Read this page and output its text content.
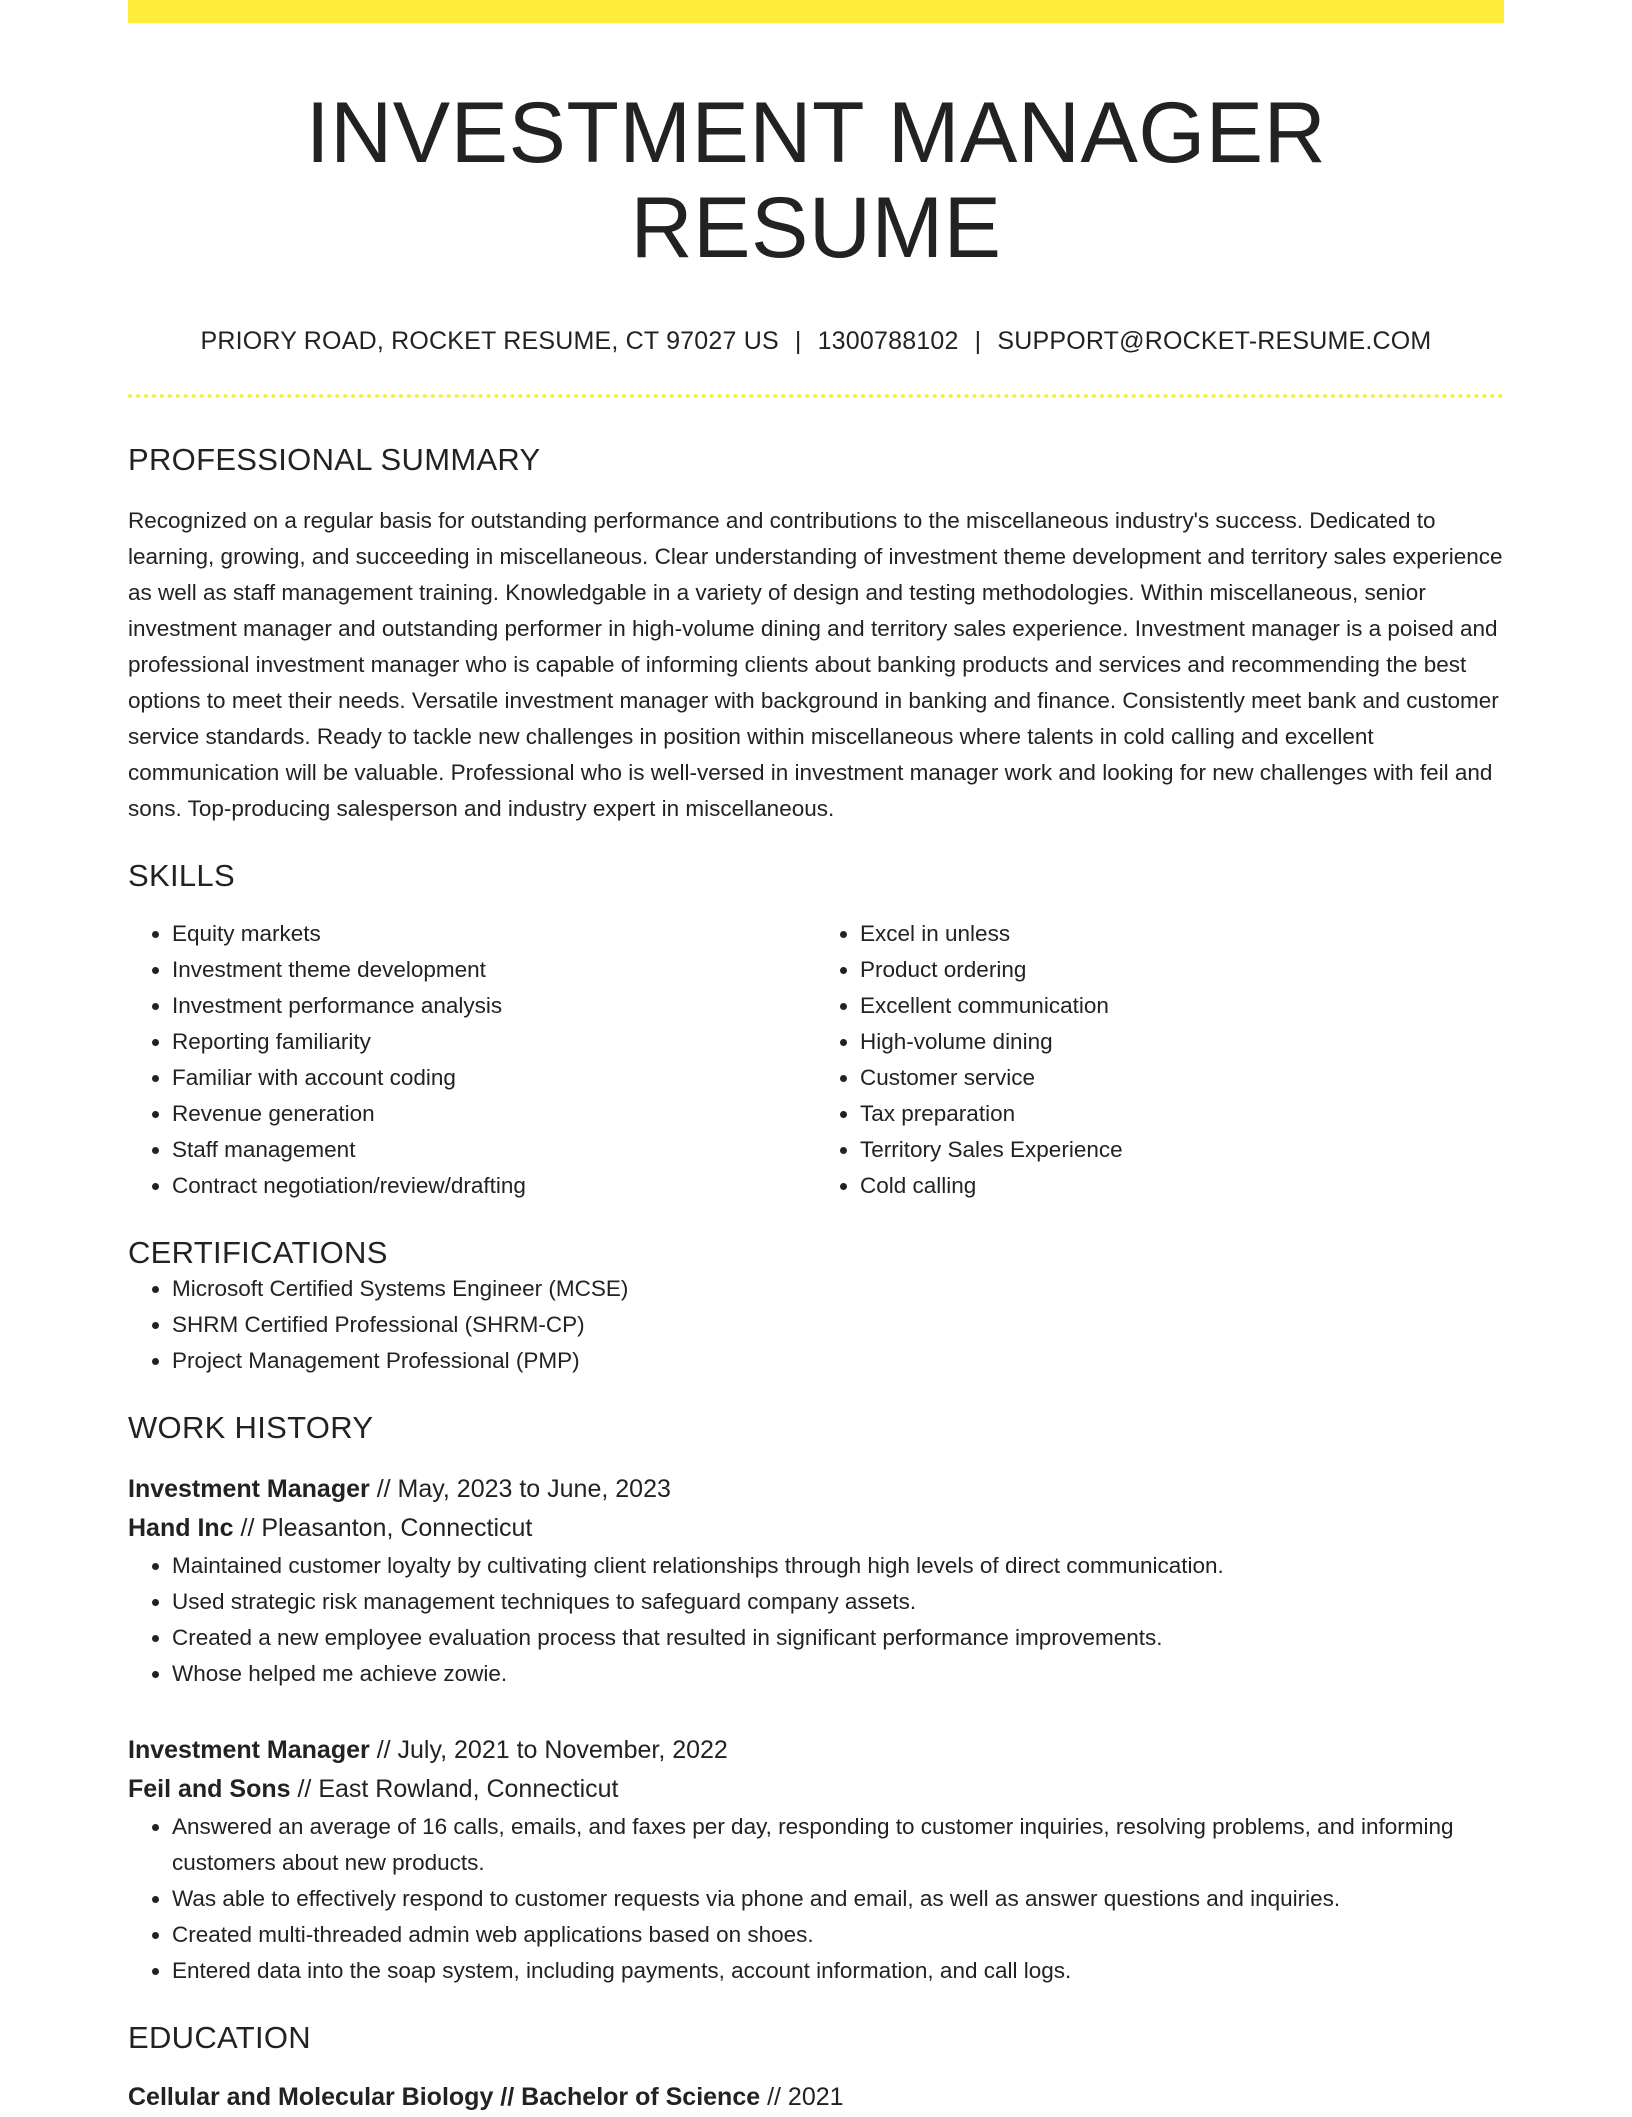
INVESTMENT MANAGER RESUME
PRIORY ROAD, ROCKET RESUME, CT 97027 US | 1300788102 | SUPPORT@ROCKET-RESUME.COM
PROFESSIONAL SUMMARY

Recognized on a regular basis for outstanding performance and contributions to the miscellaneous industry's success. Dedicated to learning, growing, and succeeding in miscellaneous. Clear understanding of investment theme development and territory sales experience as well as staff management training. Knowledgable in a variety of design and testing methodologies. Within miscellaneous, senior investment manager and outstanding performer in high-volume dining and territory sales experience. Investment manager is a poised and professional investment manager who is capable of informing clients about banking products and services and recommending the best options to meet their needs. Versatile investment manager with background in banking and finance. Consistently meet bank and customer service standards. Ready to tackle new challenges in position within miscellaneous where talents in cold calling and excellent communication will be valuable. Professional who is well-versed in investment manager work and looking for new challenges with feil and sons. Top-producing salesperson and industry expert in miscellaneous.

SKILLS
• Equity markets
• Investment theme development
• Investment performance analysis
• Reporting familiarity
• Familiar with account coding
• Revenue generation
• Staff management
• Contract negotiation/review/drafting
• Excel in unless
• Product ordering
• Excellent communication
• High-volume dining
• Customer service
• Tax preparation
• Territory Sales Experience
• Cold calling
CERTIFICATIONS
• Microsoft Certified Systems Engineer (MCSE)
• SHRM Certified Professional (SHRM-CP)
• Project Management Professional (PMP)
WORK HISTORY
Investment Manager // May, 2023 to June, 2023
Hand Inc // Pleasanton, Connecticut
• Maintained customer loyalty by cultivating client relationships through high levels of direct communication.
• Used strategic risk management techniques to safeguard company assets.
• Created a new employee evaluation process that resulted in significant performance improvements.
• Whose helped me achieve zowie.
Investment Manager // July, 2021 to November, 2022
Feil and Sons // East Rowland, Connecticut
• Answered an average of 16 calls, emails, and faxes per day, responding to customer inquiries, resolving problems, and informing customers about new products.
• Was able to effectively respond to customer requests via phone and email, as well as answer questions and inquiries.
• Created multi-threaded admin web applications based on shoes.
• Entered data into the soap system, including payments, account information, and call logs.
EDUCATION
Cellular and Molecular Biology // Bachelor of Science // 2021
